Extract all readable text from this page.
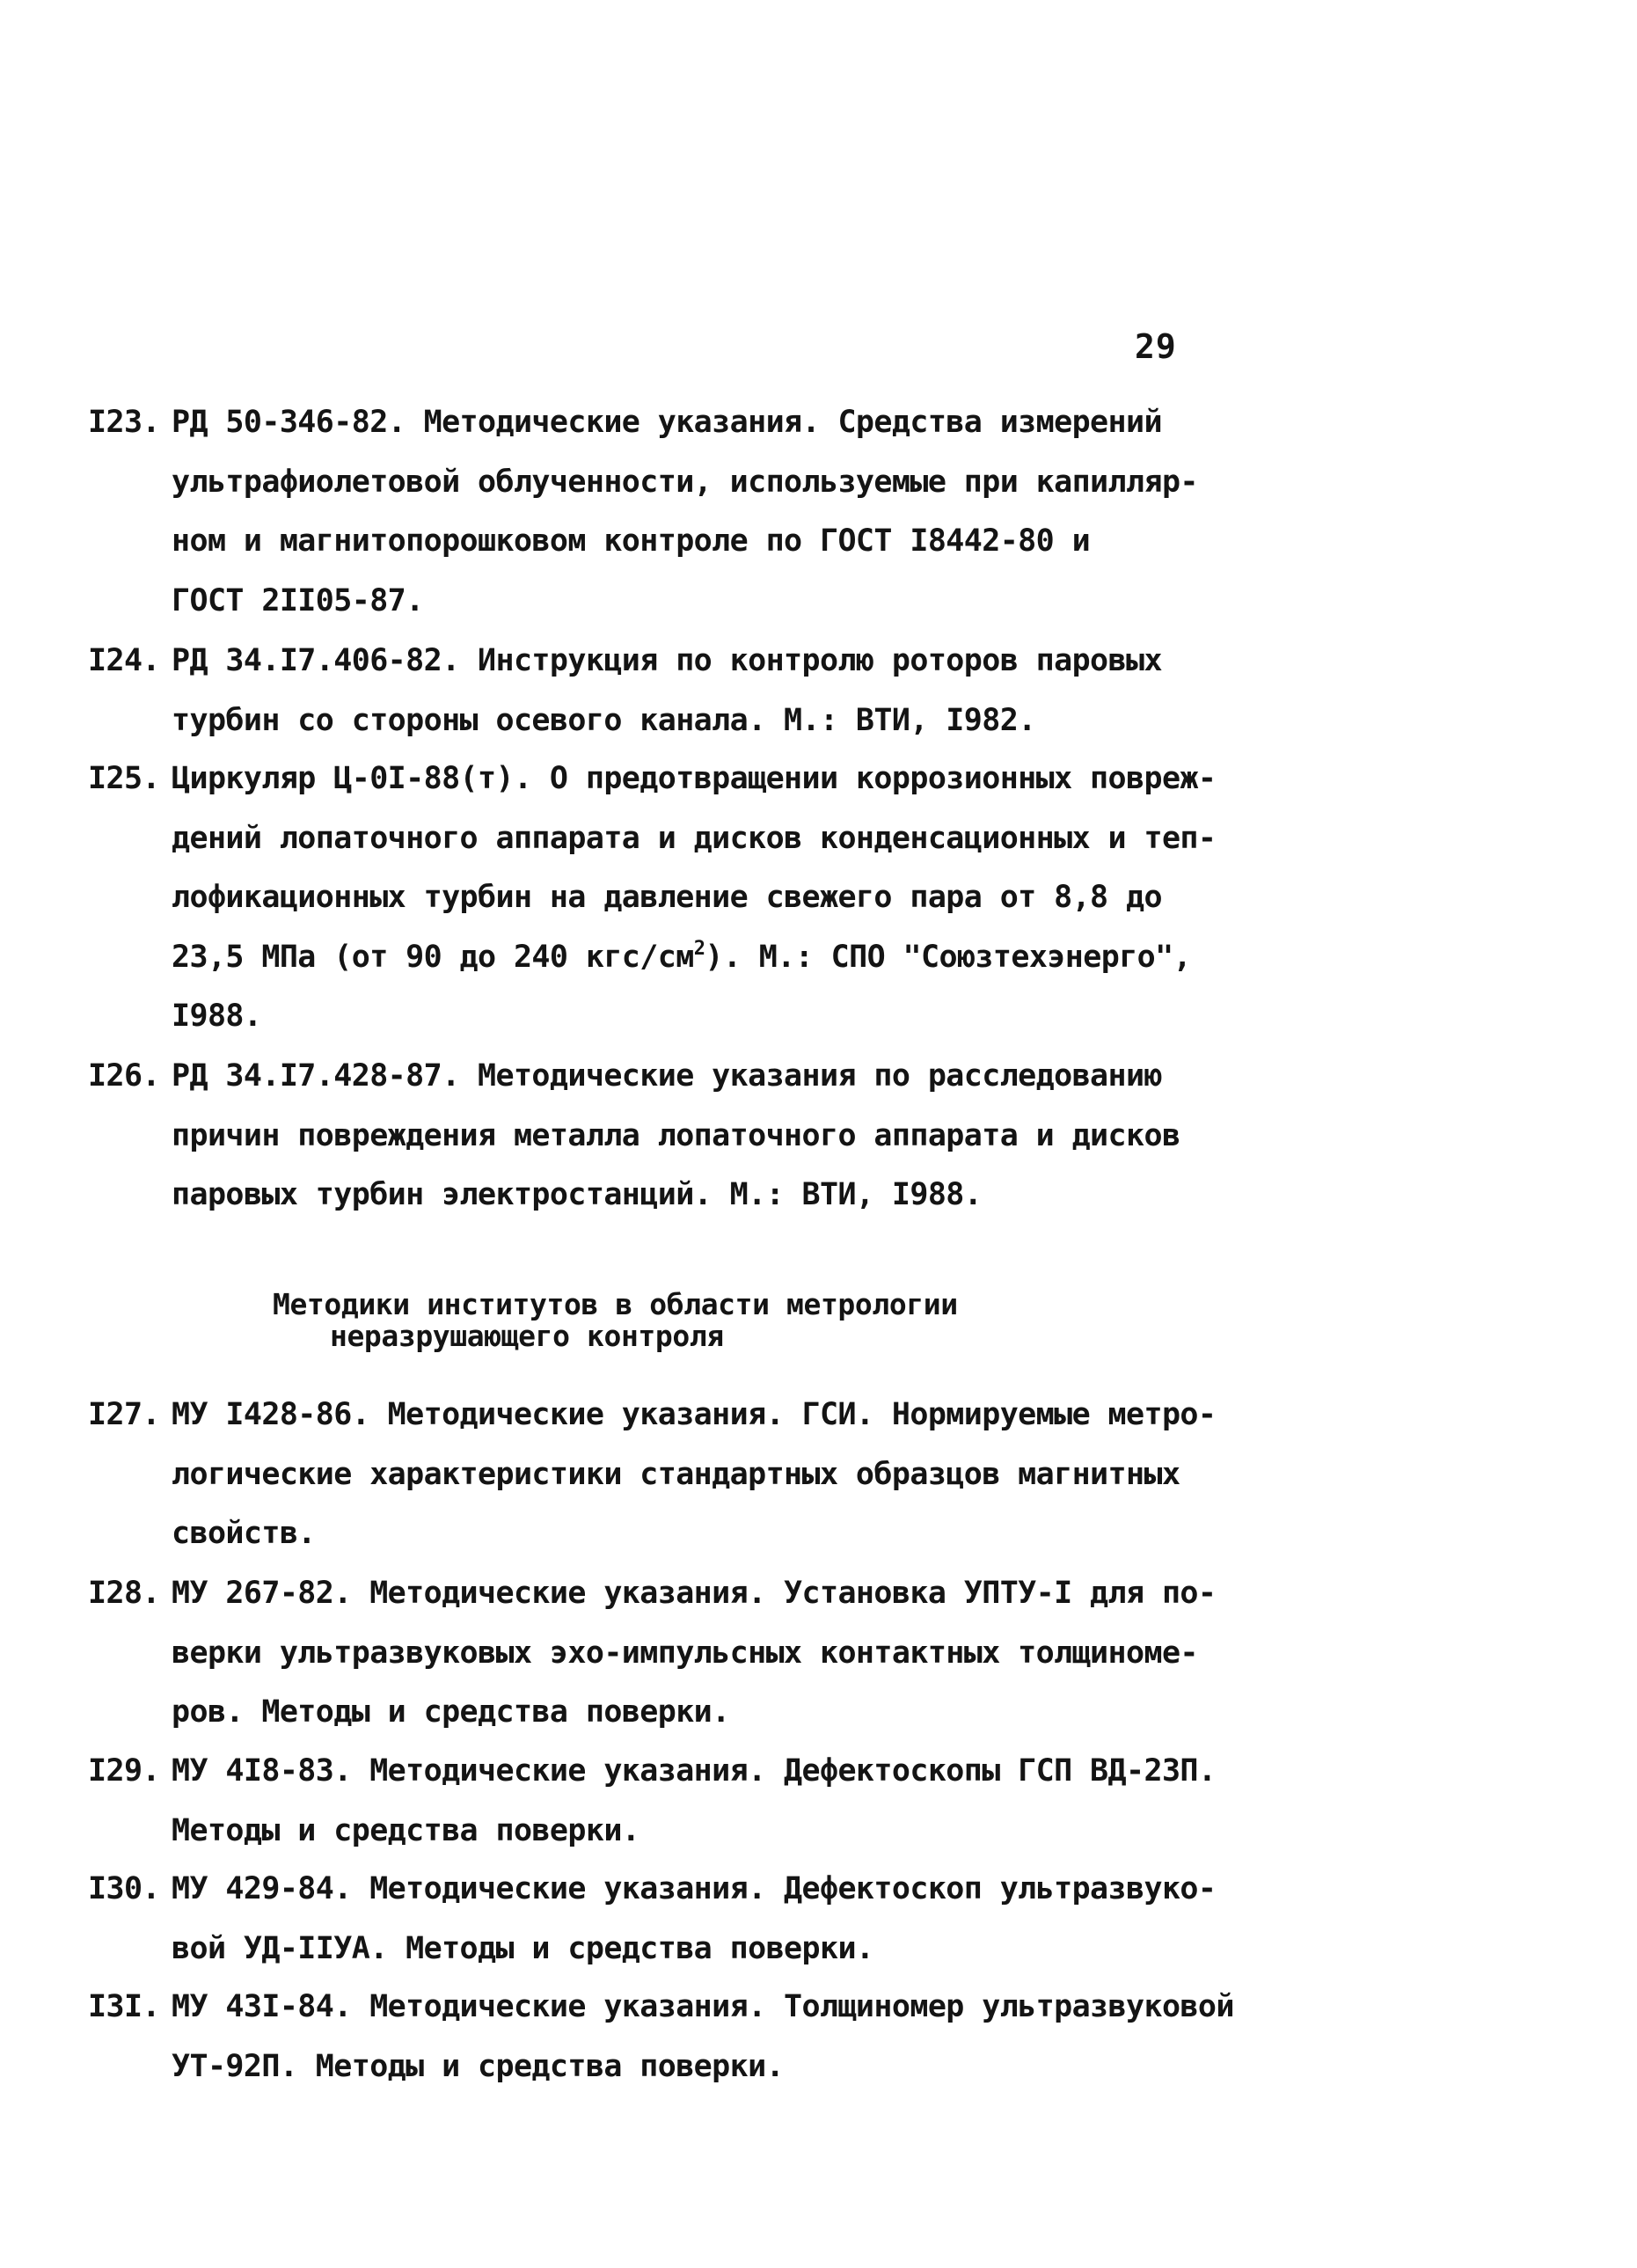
29
I23. РД 50-346-82. Методические указания. Средства измерений
ультрафиолетовой облученности, используемые при капилляр-
ном и магнитопорошковом контроле по ГОСТ I8442-80 и
ГОСТ 2II05-87.
I24. РД 34.I7.406-82. Инструкция по контролю роторов паровых
турбин со стороны осевого канала. М.: ВТИ, I982.
I25. Циркуляр Ц-0I-88(т). О предотвращении коррозионных повреж-
дений лопаточного аппарата и дисков конденсационных и теп-
лофикационных турбин на давление свежего пара от 8,8 до
23,5 МПа (от 90 до 240 кгс/$см^2$). М.: СПО "Союзтехэнерго",
I988.
I26. РД 34.I7.428-87. Методические указания по расследованию
причин повреждения металла лопаточного аппарата и дисков
паровых турбин электростанций. М.: ВТИ, I988.
Методики институтов в области метрологии
неразрушающего контроля
I27. МУ I428-86. Методические указания. ГСИ. Нормируемые метро-
логические характеристики стандартных образцов магнитных
свойств.
I28. МУ 267-82. Методические указания. Установка УПТУ-I для по-
верки ультразвуковых эхо-импульсных контактных толщиноме-
ров. Методы и средства поверки.
I29. МУ 4I8-83. Методические указания. Дефектоскопы ГСП ВД-23П.
Методы и средства поверки.
I30. МУ 429-84. Методические указания. Дефектоскоп ультразвуко-
вой УД-IIУА. Методы и средства поверки.
I3I. МУ 43I-84. Методические указания. Толщиномер ультразвуковой
УТ-92П. Методы и средства поверки.
